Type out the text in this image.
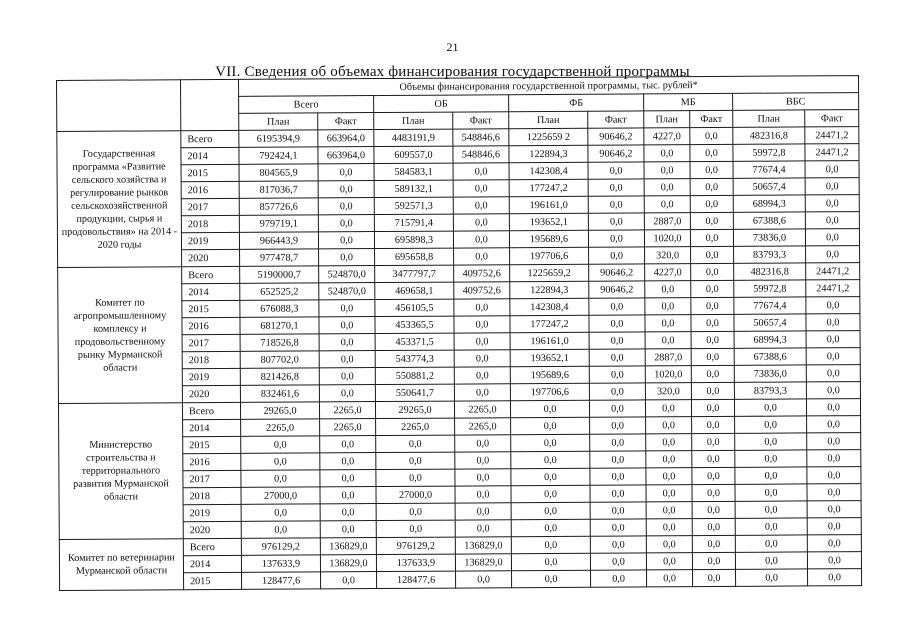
21
VII. Сведения об объемах финансирования государственной программы
		Объемы финансирования государственной программы, тыс. рублей*									
		Всего		ОБ		ФБ		МБ		ВБС	
		План	Факт	План	Факт	План	Факт	План	Факт	План	Факт
Государственная программа «Развитие сельского хозяйства и регулирование рынков сельскохозяйственной продукции, сырья и продовольствия» на 2014 - 2020 годы	Всего	6195394,9	663964,0	4483191,9	548846,6	1225659 2	90646,2	4227,0	0,0	482316,8	24471,2
	2014	792424,1	663964,0	609557,0	548846,6	122894,3	90646,2	0,0	0,0	59972,8	24471,2
	2015	804565,9	0,0	584583,1	0,0	142308,4	0,0	0,0	0,0	77674,4	0,0
	2016	817036,7	0,0	589132,1	0,0	177247,2	0,0	0,0	0,0	50657,4	0,0
	2017	857726,6	0,0	592571,3	0,0	196161,0	0,0	0,0	0,0	68994,3	0,0
	2018	979719,1	0,0	715791,4	0,0	193652,1	0,0	2887,0	0,0	67388,6	0,0
	2019	966443,9	0,0	695898,3	0,0	195689,6	0,0	1020,0	0,0	73836,0	0,0
	2020	977478,7	0,0	695658,8	0,0	197706,6	0,0	320,0	0,0	83793,3	0,0
Комитет по агропромышленному комплексу и продовольственному рынку Мурманской области	Всего	5190000,7	524870,0	3477797,7	409752,6	1225659,2	90646,2	4227,0	0,0	482316,8	24471,2
	2014	652525,2	524870,0	469658,1	409752,6	122894,3	90646,2	0,0	0,0	59972,8	24471,2
	2015	676088,3	0,0	456105,5	0,0	142308,4	0,0	0,0	0,0	77674,4	0,0
	2016	681270,1	0,0	453365,5	0,0	177247,2	0,0	0,0	0,0	50657,4	0,0
	2017	718526,8	0,0	453371,5	0,0	196161,0	0,0	0,0	0,0	68994,3	0,0
	2018	807702,0	0,0	543774,3	0,0	193652,1	0,0	2887,0	0,0	67388,6	0,0
	2019	821426,8	0,0	550881,2	0,0	195689,6	0,0	1020,0	0,0	73836,0	0,0
	2020	832461,6	0,0	550641,7	0,0	197706,6	0,0	320,0	0,0	83793,3	0,0
Министерство строительства и территориального развития Мурманской области	Всего	29265,0	2265,0	29265,0	2265,0	0,0	0,0	0,0	0,0	0,0	0,0
	2014	2265,0	2265,0	2265,0	2265,0	0,0	0,0	0,0	0,0	0,0	0,0
	2015	0,0	0,0	0,0	0,0	0,0	0,0	0,0	0,0	0,0	0,0
	2016	0,0	0,0	0,0	0,0	0,0	0,0	0,0	0,0	0,0	0,0
	2017	0,0	0,0	0,0	0,0	0,0	0,0	0,0	0,0	0,0	0,0
	2018	27000,0	0,0	27000,0	0,0	0,0	0,0	0,0	0,0	0,0	0,0
	2019	0,0	0,0	0,0	0,0	0,0	0,0	0,0	0,0	0,0	0,0
	2020	0,0	0,0	0,0	0,0	0,0	0,0	0,0	0,0	0,0	0,0
Комитет по ветеринарии Мурманской области	Всего	976129,2	136829,0	976129,2	136829,0	0,0	0,0	0,0	0,0	0,0	0,0
	2014	137633,9	136829,0	137633,9	136829,0	0,0	0,0	0,0	0,0	0,0	0,0
	2015	128477,6	0,0	128477,6	0,0	0,0	0,0	0,0	0,0	0,0	0,0
